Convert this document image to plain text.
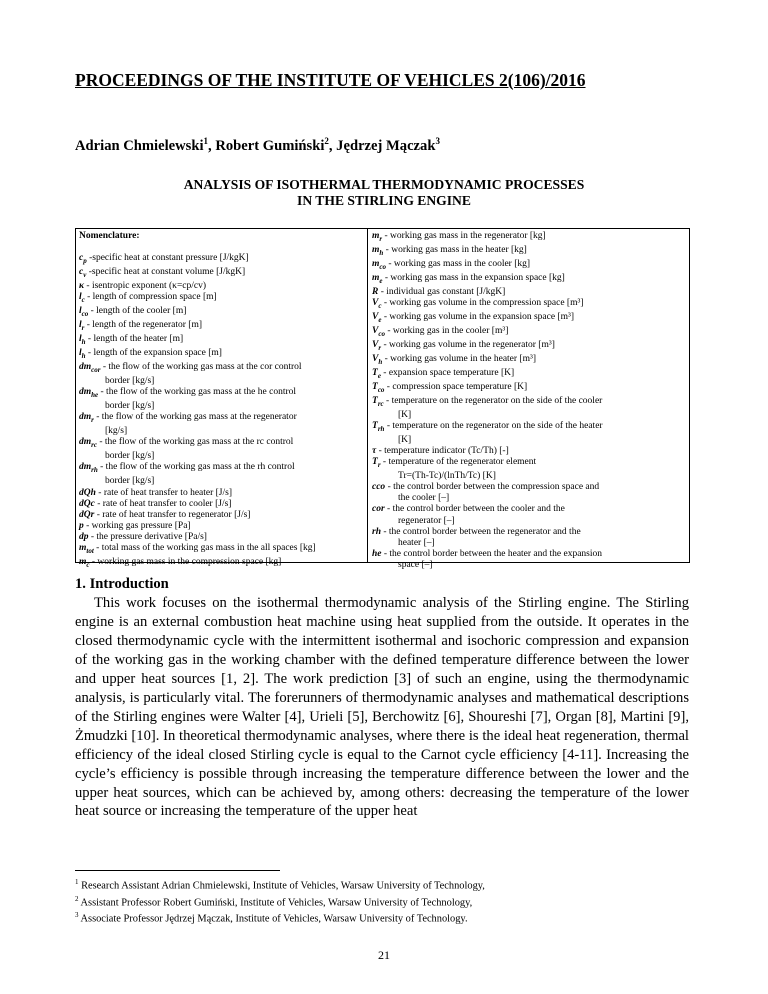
PROCEEDINGS OF THE INSTITUTE OF VEHICLES 2(106)/2016
Adrian Chmielewski$^1$, Robert Gumiński$^2$, Jędrzej Mączak$^3$
ANALYSIS OF ISOTHERMAL THERMODYNAMIC PROCESSES
IN THE STIRLING ENGINE
Nomenclature:
$c_p$ -specific heat at constant pressure [J/kgK]
$c_v$ -specific heat at constant volume [J/kgK]
κ - isentropic exponent (κ=cp/cv)
$l_c$ - length of compression space [m]
$l_{co}$ - length of the cooler [m]
$l_r$ - length of the regenerator [m]
$l_h$ - length of the heater [m]
$l_h$ - length of the expansion space [m]
$dm_{cor}$ - the flow of the working gas mass at the cor control
border [kg/s]
$dm_{he}$ - the flow of the working gas mass at the he control
border [kg/s]
$dm_r$ - the flow of the working gas mass at the regenerator
[kg/s]
$dm_{rc}$ - the flow of the working gas mass at the rc control
border [kg/s]
$dm_{rh}$ - the flow of the working gas mass at the rh control
border [kg/s]
dQh - rate of heat transfer to heater [J/s]
dQc - rate of heat transfer to cooler [J/s]
dQr - rate of heat transfer to regenerator [J/s]
p - working gas pressure [Pa]
dp - the pressure derivative [Pa/s]
$m_{tot}$ - total mass of the working gas mass in the all spaces [kg]
$m_c$ - working gas mass in the compression space [kg]
$m_r$ - working gas mass in the regenerator [kg]
$m_h$ - working gas mass in the heater [kg]
$m_{co}$ - working gas mass in the cooler [kg]
$m_e$ - working gas mass in the expansion space [kg]
R - individual gas constant [J/kgK]
$V_c$ - working gas volume in the compression space [m³]
$V_e$ - working gas volume in the expansion space [m³]
$V_{co}$ - working gas in the cooler [m³]
$V_r$ - working gas volume in the regenerator [m³]
$V_h$ - working gas volume in the heater [m³]
$T_e$ - expansion space temperature [K]
$T_{co}$ - compression space temperature [K]
$T_{rc}$ - temperature on the regenerator on the side of the cooler
[K]
$T_{rh}$ - temperature on the regenerator on the side of the heater
[K]
τ - temperature indicator (Tc/Th) [-]
$T_r$ - temperature of the regenerator element
Tr=(Th-Tc)/(lnTh/Tc) [K]
cco - the control border between the compression space and
the cooler [–]
cor - the control border between the cooler and the
regenerator [–]
rh - the control border between the regenerator and the
heater [–]
he - the control border between the heater and the expansion
space [–]
1. Introduction
This work focuses on the isothermal thermodynamic analysis of the Stirling engine. The Stirling engine is an external combustion heat machine using heat supplied from the outside. It operates in the closed thermodynamic cycle with the intermittent isothermal and isochoric compression and expansion of the working gas in the working chamber with the defined temperature difference between the lower and upper heat sources [1, 2]. The work prediction [3] of such an engine, using the thermodynamic analysis, is particularly vital. The forerunners of thermodynamic analyses and mathematical descriptions of the Stirling engines were Walter [4], Urieli [5], Berchowitz [6], Shoureshi [7], Organ [8], Martini [9], Żmudzki [10]. In theoretical thermodynamic analyses, where there is the ideal heat regeneration, thermal efficiency of the ideal closed Stirling cycle is equal to the Carnot cycle efficiency [4-11]. Increasing the cycle’s efficiency is possible through increasing the temperature difference between the lower and the upper heat sources, which can be achieved by, among others: decreasing the temperature of the lower heat source or increasing the temperature of the upper heat
$^1$ Research Assistant Adrian Chmielewski, Institute of Vehicles, Warsaw University of Technology,
$^2$ Assistant Professor Robert Gumiński, Institute of Vehicles, Warsaw University of Technology,
$^3$ Associate Professor Jędrzej Mączak, Institute of Vehicles, Warsaw University of Technology.
21
